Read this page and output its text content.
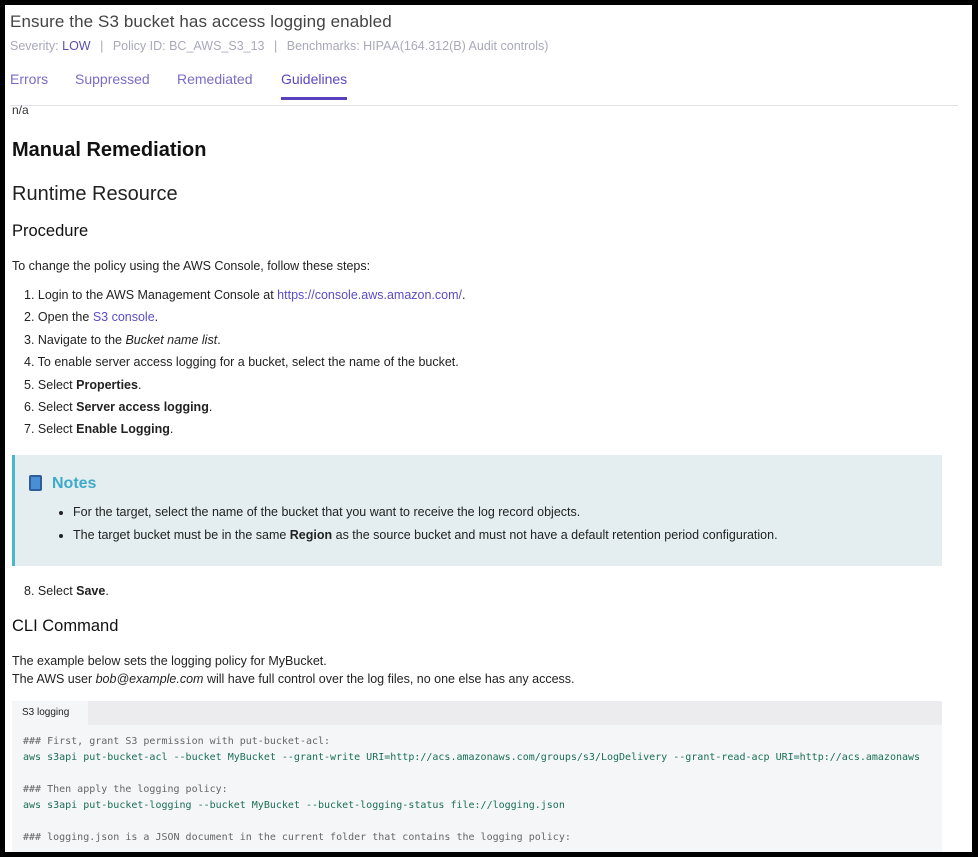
Ensure the S3 bucket has access logging enabled
Severity: LOW | Policy ID: BC_AWS_S3_13 | Benchmarks: HIPAA(164.312(B) Audit controls)
Errors Suppressed Remediated Guidelines
n/a
Manual Remediation
Runtime Resource
Procedure
To change the policy using the AWS Console, follow these steps:
1. Login to the AWS Management Console at https://console.aws.amazon.com/.
2. Open the S3 console.
3. Navigate to the Bucket name list.
4. To enable server access logging for a bucket, select the name of the bucket.
5. Select Properties.
6. Select Server access logging.
7. Select Enable Logging.
Notes
• For the target, select the name of the bucket that you want to receive the log record objects.
• The target bucket must be in the same Region as the source bucket and must not have a default retention period configuration.
8. Select Save.
CLI Command
The example below sets the logging policy for MyBucket.
The AWS user bob@example.com will have full control over the log files, no one else has any access.
S3 logging
### First, grant S3 permission with put-bucket-acl:
aws s3api put-bucket-acl --bucket MyBucket --grant-write URI=http://acs.amazonaws.com/groups/s3/LogDelivery --grant-read-acp URI=http://acs.amazonaws

### Then apply the logging policy:
aws s3api put-bucket-logging --bucket MyBucket --bucket-logging-status file://logging.json

### logging.json is a JSON document in the current folder that contains the logging policy:
